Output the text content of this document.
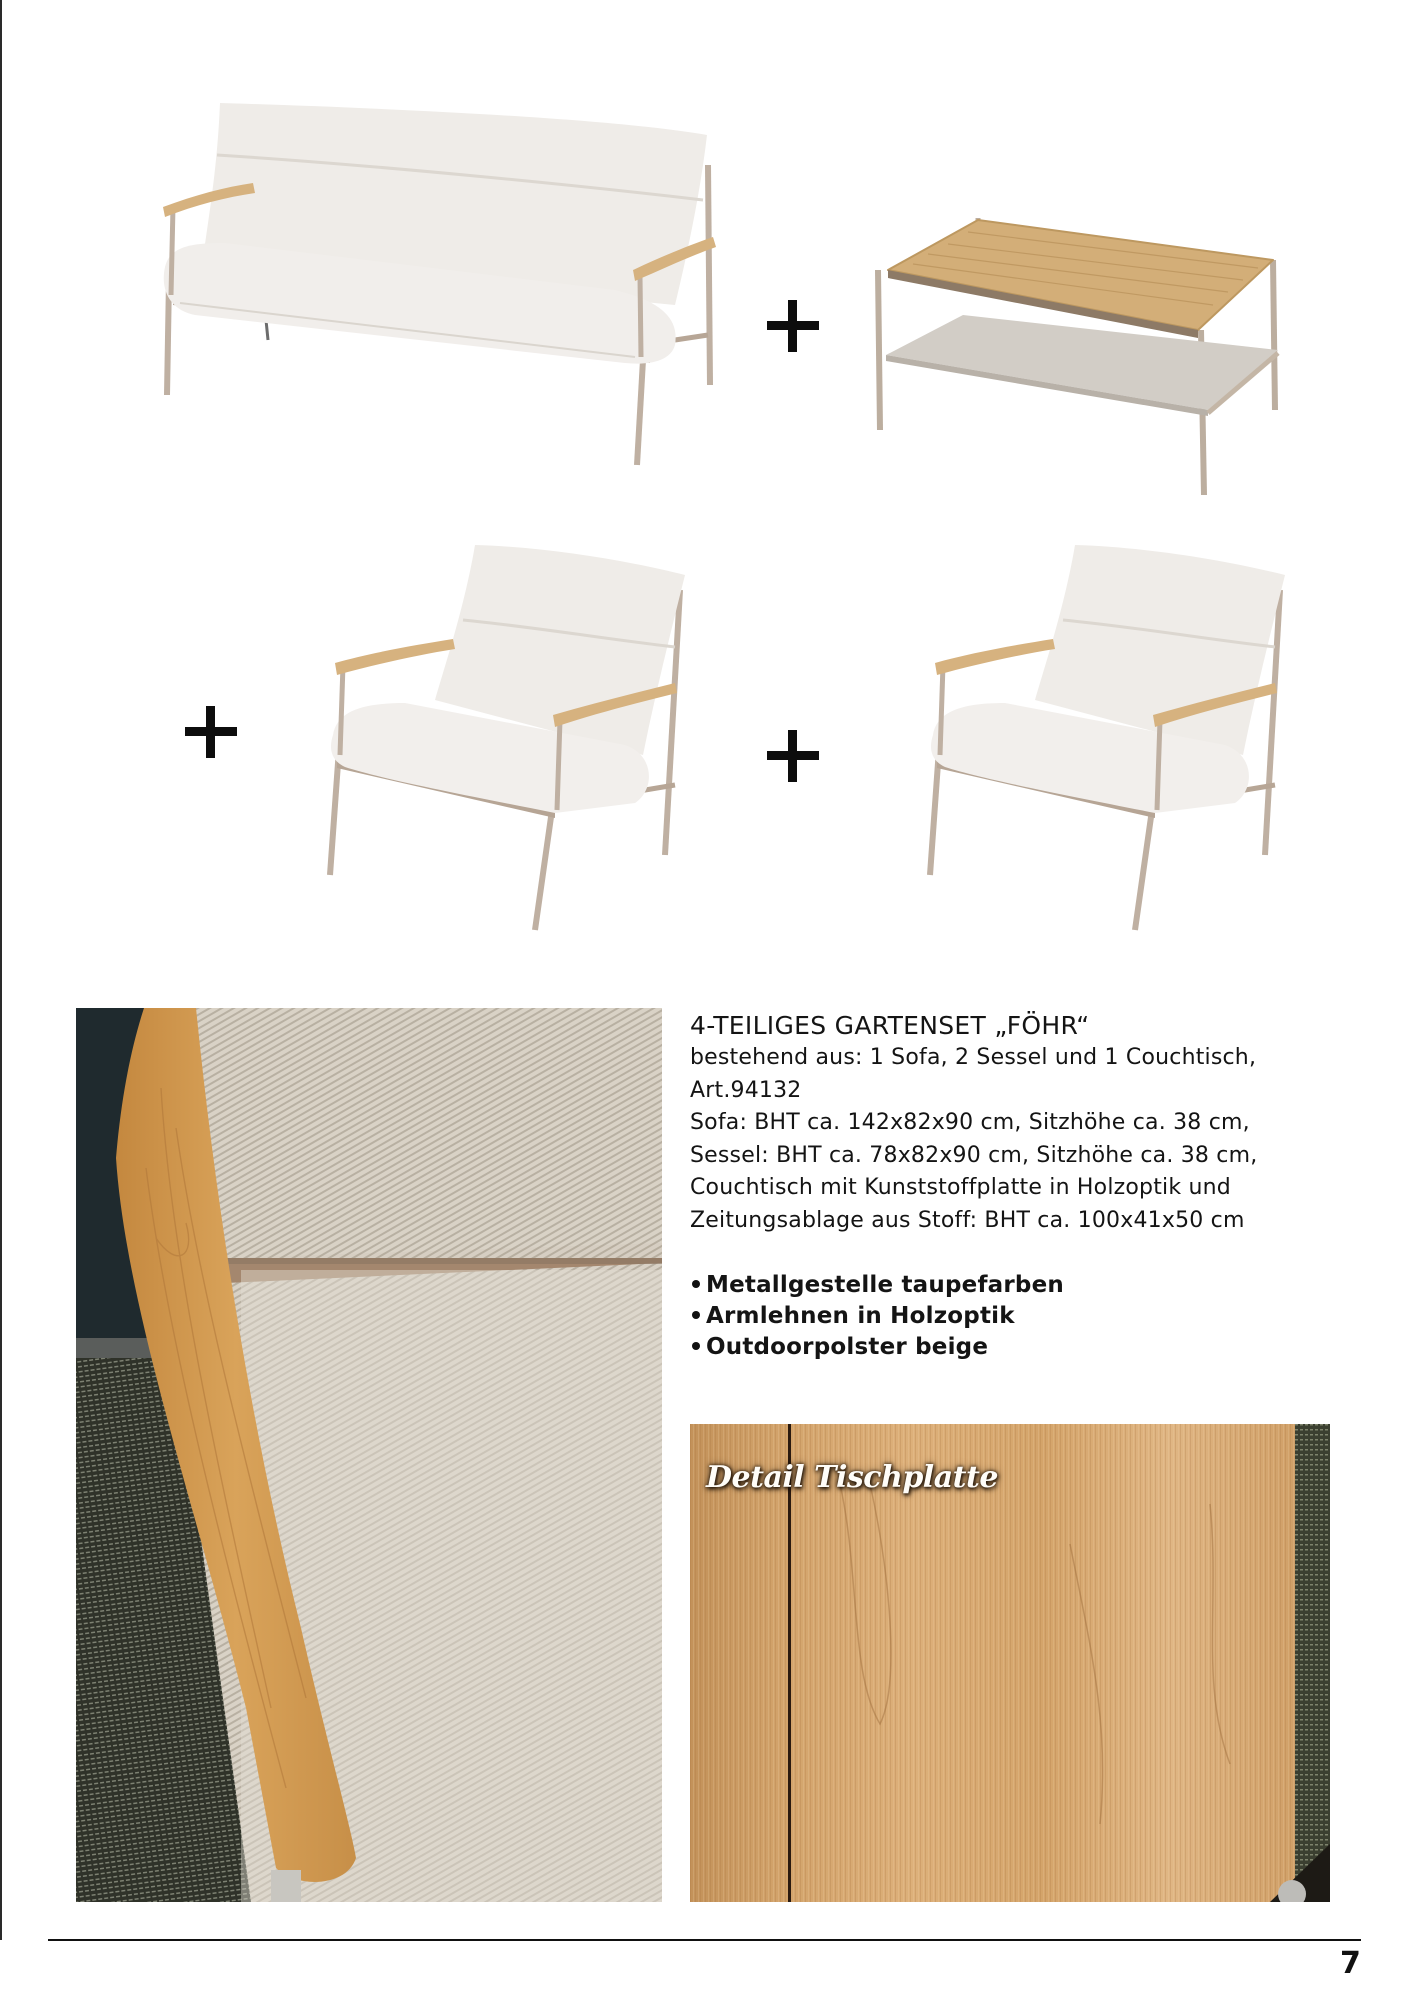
4-TEILIGES GARTENSET „FÖHR“
bestehend aus: 1 Sofa, 2 Sessel und 1 Couchtisch,
Art.94132
Sofa: BHT ca. 142x82x90 cm, Sitzhöhe ca. 38 cm,
Sessel: BHT ca. 78x82x90 cm, Sitzhöhe ca. 38 cm,
Couchtisch mit Kunststoffplatte in Holzoptik und
Zeitungsablage aus Stoff: BHT ca. 100x41x50 cm
Metallgestelle taupefarben
Armlehnen in Holzoptik
Outdoorpolster beige
Detail Tischplatte
7
